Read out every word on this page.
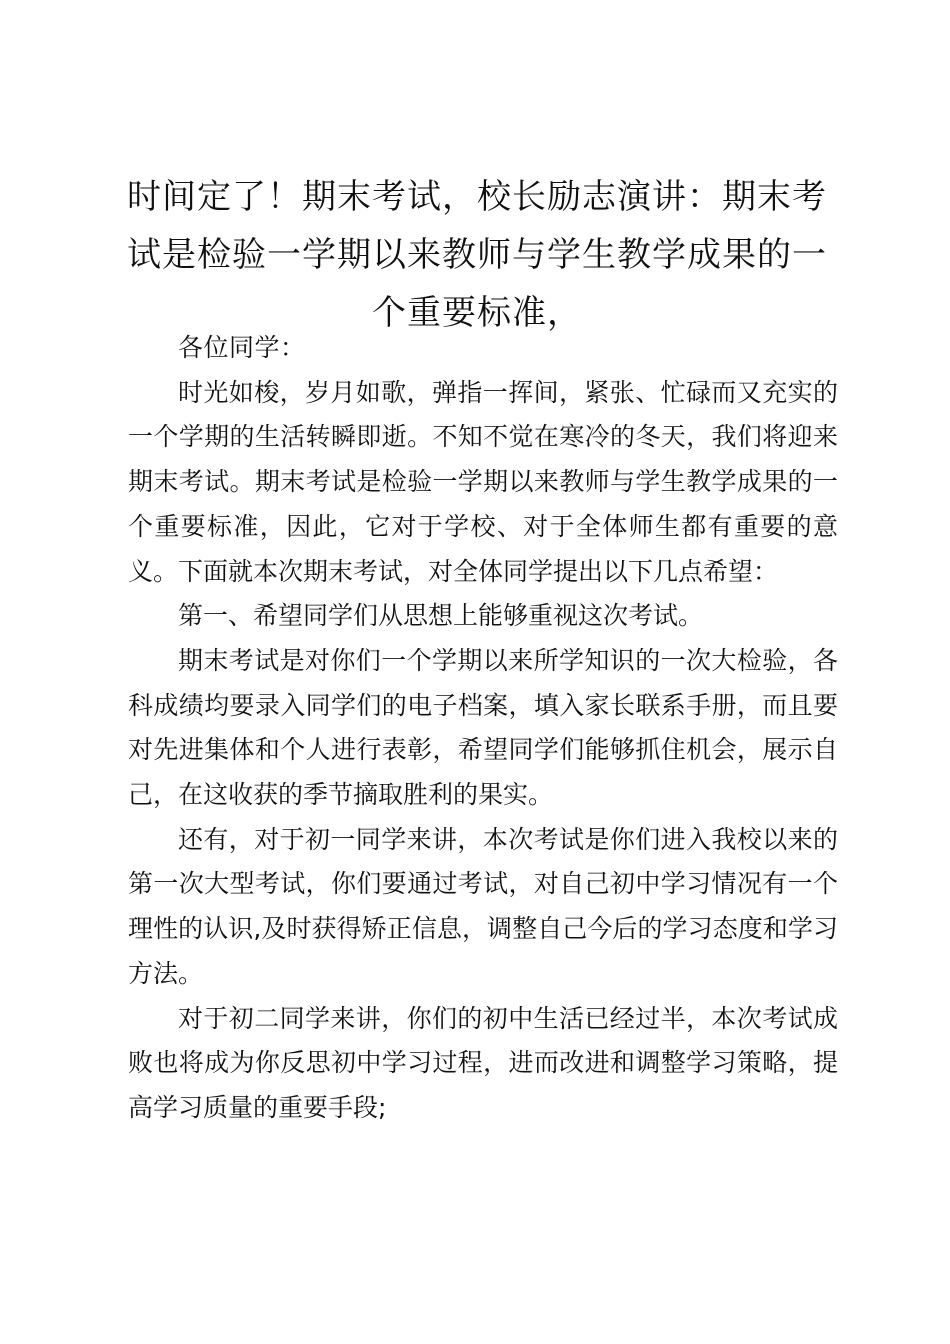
时间定了！期末考试，校长励志演讲：期末考试是检验一学期以来教师与学生教学成果的一个重要标准，

各位同学：

时光如梭，岁月如歌，弹指一挥间，紧张、忙碌而又充实的一个学期的生活转瞬即逝。不知不觉在寒冷的冬天，我们将迎来期末考试。期末考试是检验一学期以来教师与学生教学成果的一个重要标准，因此，它对于学校、对于全体师生都有重要的意义。下面就本次期末考试，对全体同学提出以下几点希望：

第一、希望同学们从思想上能够重视这次考试。

期末考试是对你们一个学期以来所学知识的一次大检验，各科成绩均要录入同学们的电子档案，填入家长联系手册，而且要对先进集体和个人进行表彰，希望同学们能够抓住机会，展示自己，在这收获的季节摘取胜利的果实。

还有，对于初一同学来讲，本次考试是你们进入我校以来的第一次大型考试，你们要通过考试，对自己初中学习情况有一个理性的认识,及时获得矫正信息，调整自己今后的学习态度和学习方法。

对于初二同学来讲，你们的初中生活已经过半，本次考试成败也将成为你反思初中学习过程，进而改进和调整学习策略，提高学习质量的重要手段;
